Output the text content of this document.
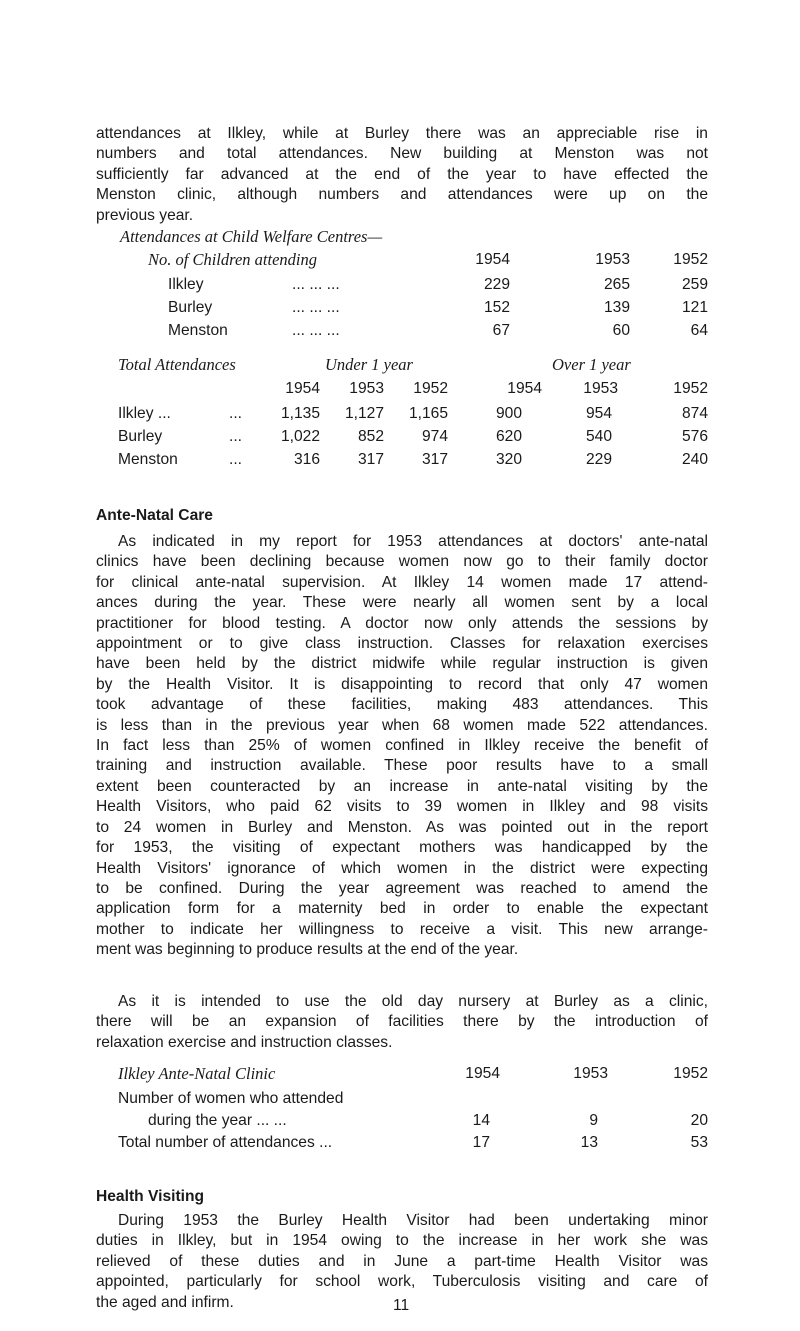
attendances at Ilkley, while at Burley there was an appreciable rise in
numbers and total attendances. New building at Menston was not
sufficiently far advanced at the end of the year to have effected the
Menston clinic, although numbers and attendances were up on the
previous year.
Attendances at Child Welfare Centres—
No. of Children attending	1954	1953	1952
Ilkley	... ... ...	229	265	259
Burley	... ... ...	152	139	121
Menston	... ... ...	67	60	64
Total Attendances	Under 1 year	Over 1 year
1954	1953	1952	1954	1953	1952
Ilkley ...	...	1,135	1,127	1,165	900	954	874
Burley	...	1,022	852	974	620	540	576
Menston	...	316	317	317	320	229	240
Ante-Natal Care
As indicated in my report for 1953 attendances at doctors' ante-natal
clinics have been declining because women now go to their family doctor
for clinical ante-natal supervision. At Ilkley 14 women made 17 attend-
ances during the year. These were nearly all women sent by a local
practitioner for blood testing. A doctor now only attends the sessions by
appointment or to give class instruction. Classes for relaxation exercises
have been held by the district midwife while regular instruction is given
by the Health Visitor. It is disappointing to record that only 47 women
took advantage of these facilities, making 483 attendances. This
is less than in the previous year when 68 women made 522 attendances.
In fact less than 25% of women confined in Ilkley receive the benefit of
training and instruction available. These poor results have to a small
extent been counteracted by an increase in ante-natal visiting by the
Health Visitors, who paid 62 visits to 39 women in Ilkley and 98 visits
to 24 women in Burley and Menston. As was pointed out in the report
for 1953, the visiting of expectant mothers was handicapped by the
Health Visitors' ignorance of which women in the district were expecting
to be confined. During the year agreement was reached to amend the
application form for a maternity bed in order to enable the expectant
mother to indicate her willingness to receive a visit. This new arrange-
ment was beginning to produce results at the end of the year.
As it is intended to use the old day nursery at Burley as a clinic,
there will be an expansion of facilities there by the introduction of
relaxation exercise and instruction classes.
Ilkley Ante-Natal Clinic	1954	1953	1952
Number of women who attended
during the year ... ...	14	9	20
Total number of attendances ...	17	13	53
Health Visiting
During 1953 the Burley Health Visitor had been undertaking minor
duties in Ilkley, but in 1954 owing to the increase in her work she was
relieved of these duties and in June a part-time Health Visitor was
appointed, particularly for school work, Tuberculosis visiting and care of
the aged and infirm.	11
